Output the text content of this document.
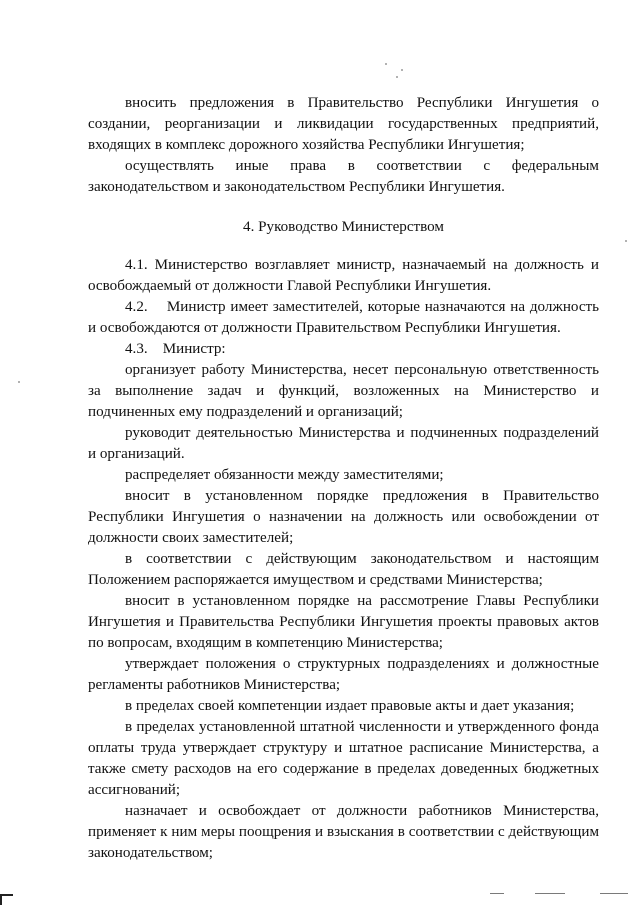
вносить предложения в Правительство Республики Ингушетия о создании, реорганизации и ликвидации государственных предприятий, входящих в комплекс дорожного хозяйства Республики Ингушетия;

осуществлять иные права в соответствии с федеральным законодательством и законодательством Республики Ингушетия.

4. Руководство Министерством

4.1. Министерство возглавляет министр, назначаемый на должность и освобождаемый от должности Главой Республики Ингушетия.

4.2.    Министр имеет заместителей, которые назначаются на должность и освобождаются от должности Правительством Республики Ингушетия.

4.3.    Министр:

организует работу Министерства, несет персональную ответственность за выполнение задач и функций, возложенных на Министерство и подчиненных ему подразделений и организаций;

руководит деятельностью Министерства и подчиненных подразделений и организаций.

распределяет обязанности между заместителями;

вносит в установленном порядке предложения в Правительство Республики Ингушетия о назначении на должность или освобождении от должности своих заместителей;

в соответствии с действующим законодательством и настоящим Положением распоряжается имуществом и средствами Министерства;

вносит в установленном порядке на рассмотрение Главы Республики Ингушетия и Правительства Республики Ингушетия проекты правовых актов по вопросам, входящим в компетенцию Министерства;

утверждает положения о структурных подразделениях и должностные регламенты работников Министерства;

в пределах своей компетенции издает правовые акты и дает указания;

в пределах установленной штатной численности и утвержденного фонда оплаты труда утверждает структуру и штатное расписание Министерства, а также смету расходов на его содержание в пределах доведенных бюджетных ассигнований;

назначает и освобождает от должности работников Министерства, применяет к ним меры поощрения и взыскания в соответствии с действующим законодательством;
